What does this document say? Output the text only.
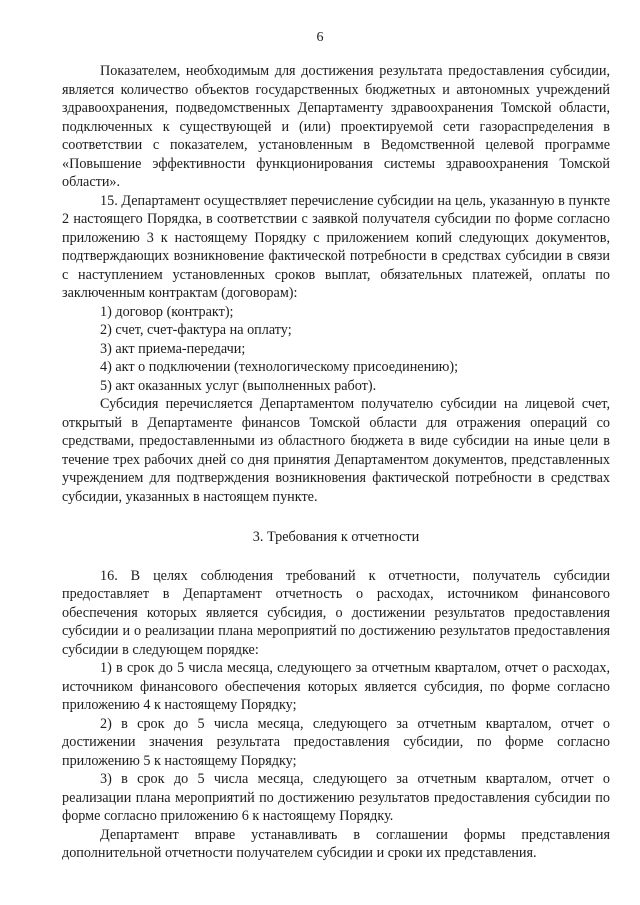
6

Показателем, необходимым для достижения результата предоставления субсидии, является количество объектов государственных бюджетных и автономных учреждений здравоохранения, подведомственных Департаменту здравоохранения Томской области, подключенных к существующей и (или) проектируемой сети газораспределения в соответствии с показателем, установленным в Ведомственной целевой программе «Повышение эффективности функционирования системы здравоохранения Томской области».

15. Департамент осуществляет перечисление субсидии на цель, указанную в пункте 2 настоящего Порядка, в соответствии с заявкой получателя субсидии по форме согласно приложению 3 к настоящему Порядку с приложением копий следующих документов, подтверждающих возникновение фактической потребности в средствах субсидии в связи с наступлением установленных сроков выплат, обязательных платежей, оплаты по заключенным контрактам (договорам):

1) договор (контракт);

2) счет, счет-фактура на оплату;

3) акт приема-передачи;

4) акт о подключении (технологическому присоединению);

5) акт оказанных услуг (выполненных работ).

Субсидия перечисляется Департаментом получателю субсидии на лицевой счет, открытый в Департаменте финансов Томской области для отражения операций со средствами, предоставленными из областного бюджета в виде субсидии на иные цели в течение трех рабочих дней со дня принятия Департаментом документов, представленных учреждением для подтверждения возникновения фактической потребности в средствах субсидии, указанных в настоящем пункте.

3. Требования к отчетности

16. В целях соблюдения требований к отчетности, получатель субсидии предоставляет в Департамент отчетность о расходах, источником финансового обеспечения которых является субсидия, о достижении результатов предоставления субсидии и о реализации плана мероприятий по достижению результатов предоставления субсидии в следующем порядке:

1) в срок до 5 числа месяца, следующего за отчетным кварталом, отчет о расходах, источником финансового обеспечения которых является субсидия, по форме согласно приложению 4 к настоящему Порядку;

2) в срок до 5 числа месяца, следующего за отчетным кварталом, отчет о достижении значения результата предоставления субсидии, по форме согласно приложению 5 к настоящему Порядку;

3) в срок до 5 числа месяца, следующего за отчетным кварталом, отчет о реализации плана мероприятий по достижению результатов предоставления субсидии по форме согласно приложению 6 к настоящему Порядку.

Департамент вправе устанавливать в соглашении формы представления дополнительной отчетности получателем субсидии и сроки их представления.
